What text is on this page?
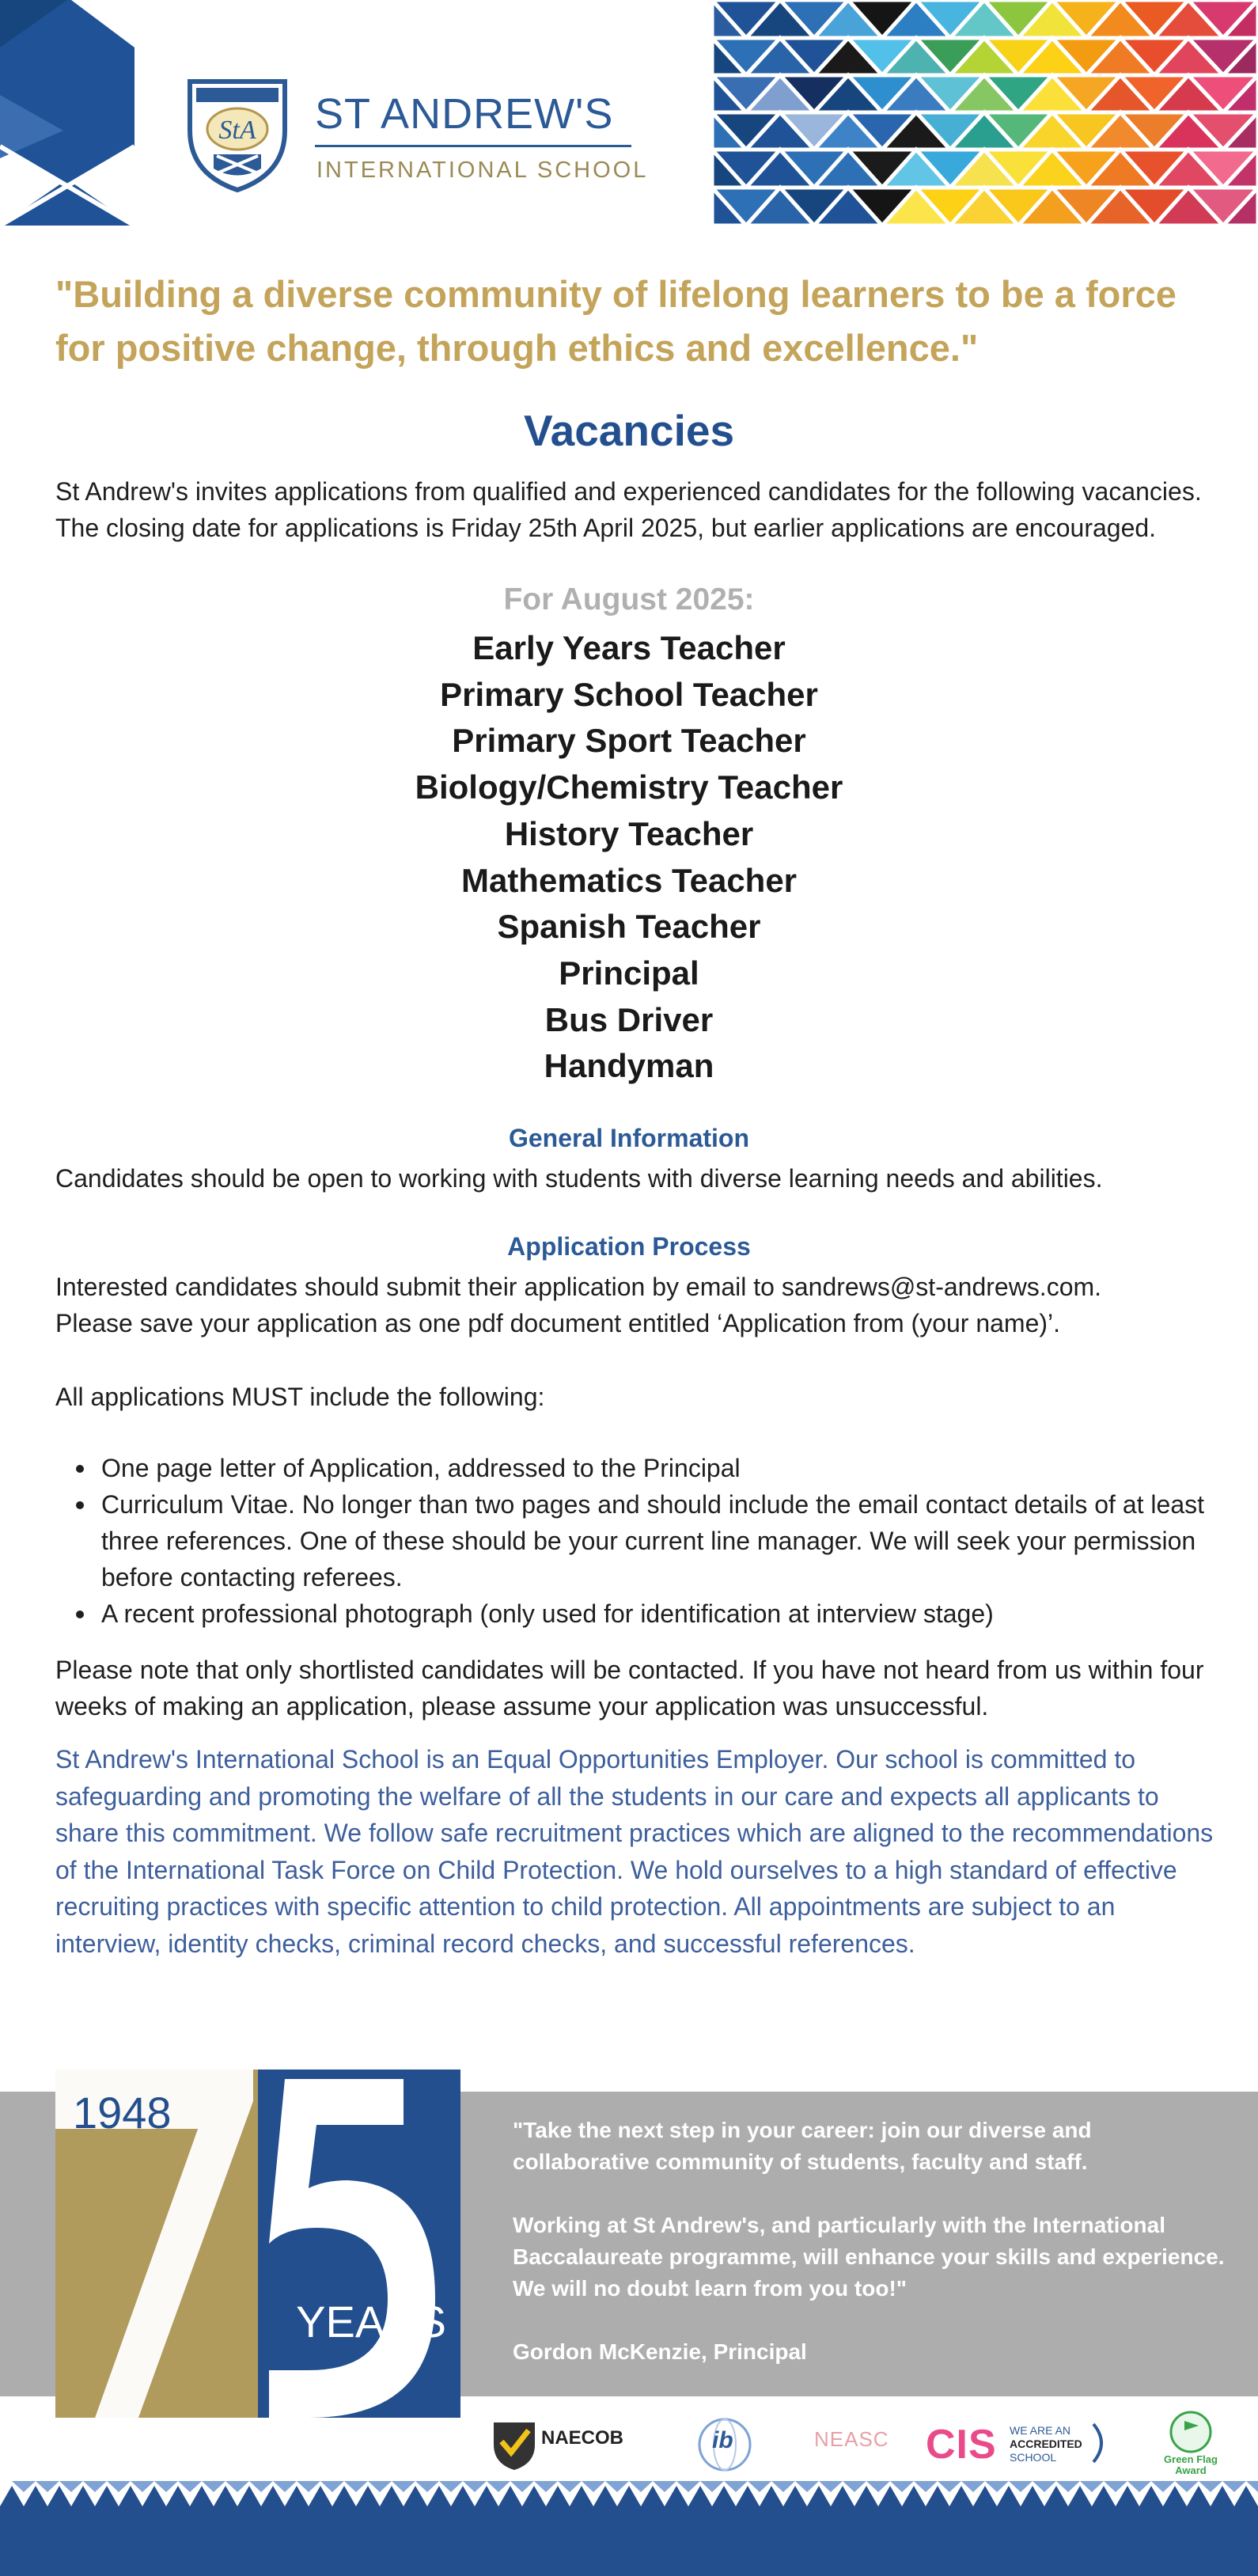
StA ST ANDREW'S
INTERNATIONAL SCHOOL
"Building a diverse community of lifelong learners to be a force for positive change, through ethics and excellence."
Vacancies

St Andrew's invites applications from qualified and experienced candidates for the following vacancies. The closing date for applications is Friday 25th April 2025, but earlier applications are encouraged.

For August 2025:
Early Years Teacher
Primary School Teacher
Primary Sport Teacher
Biology/Chemistry Teacher
History Teacher
Mathematics Teacher
Spanish Teacher
Principal
Bus Driver
Handyman
General Information

Candidates should be open to working with students with diverse learning needs and abilities.

Application Process

Interested candidates should submit their application by email to sandrews@st-andrews.com.

Please save your application as one pdf document entitled ‘Application from (your name)’.

All applications MUST include the following:

One page letter of Application, addressed to the Principal
Curriculum Vitae. No longer than two pages and should include the email contact details of at least three references. One of these should be your current line manager. We will seek your permission before contacting referees.
A recent professional photograph (only used for identification at interview stage)

Please note that only shortlisted candidates will be contacted. If you have not heard from us within four weeks of making an application, please assume your application was unsuccessful.

St Andrew's International School is an Equal Opportunities Employer. Our school is committed to safeguarding and promoting the welfare of all the students in our care and expects all applicants to share this commitment. We follow safe recruitment practices which are aligned to the recommendations of the International Task Force on Child Protection. We hold ourselves to a high standard of effective recruiting practices with specific attention to child protection. All appointments are subject to an interview, identity checks, criminal record checks, and successful references.

1948
YEARS

"Take the next step in your career: join our diverse and collaborative community of students, faculty and staff.

Working at St Andrew's, and particularly with the International Baccalaureate programme, will enhance your skills and experience. We will no doubt learn from you too!"

Gordon McKenzie, Principal

NAECOB	ib	NEASC CIS WE ARE AN
ACCREDITED
SCHOOL	Green Flag
Award
